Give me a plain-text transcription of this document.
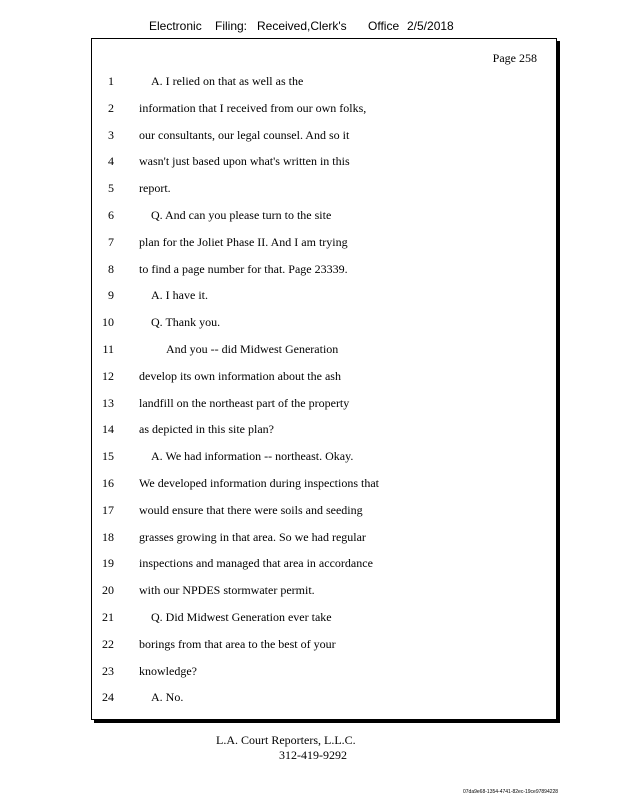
Electronic Filing: Received,Clerk's Office 2/5/2018
Page 258
1	A. I relied on that as well as the
2 information that I received from our own folks,
3 our consultants, our legal counsel. And so it
4 wasn't just based upon what's written in this
5 report.
6	Q. And can you please turn to the site
7 plan for the Joliet Phase II. And I am trying
8 to find a page number for that. Page 23339.
9	A. I have it.
10	Q. Thank you.
11	And you -- did Midwest Generation
12 develop its own information about the ash
13 landfill on the northeast part of the property
14 as depicted in this site plan?
15	A. We had information -- northeast. Okay.
16 We developed information during inspections that
17 would ensure that there were soils and seeding
18 grasses growing in that area. So we had regular
19 inspections and managed that area in accordance
20 with our NPDES stormwater permit.
21	Q. Did Midwest Generation ever take
22 borings from that area to the best of your
23 knowledge?
24	A. No.
L.A. Court Reporters, L.L.C.
312-419-9292
07da9e68-1354-4741-82ec-19ce97894228
